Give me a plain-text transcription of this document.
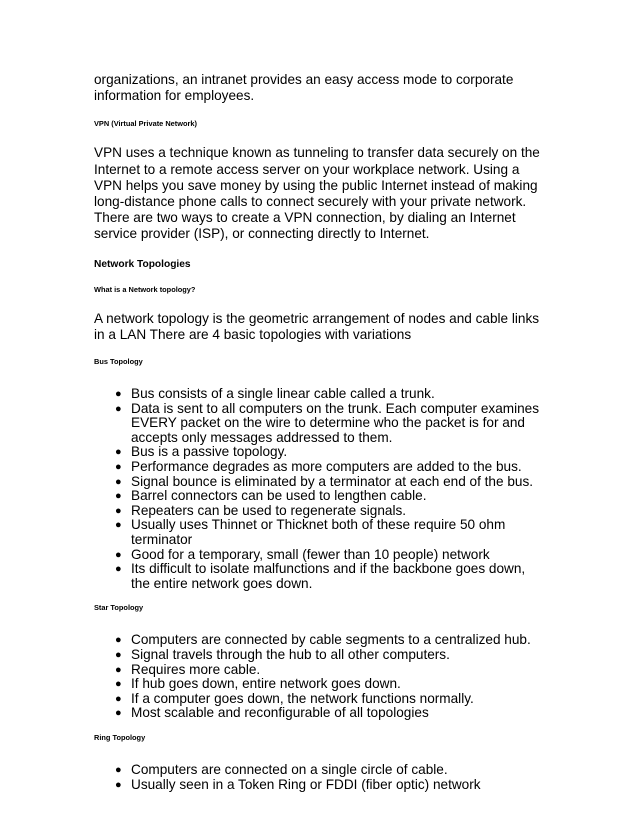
organizations, an intranet provides an easy access mode to corporate information for employees.

VPN (Virtual Private Network)

VPN uses a technique known as tunneling to transfer data securely on the Internet to a remote access server on your workplace network. Using a VPN helps you save money by using the public Internet instead of making long-distance phone calls to connect securely with your private network. There are two ways to create a VPN connection, by dialing an Internet service provider (ISP), or connecting directly to Internet.

Network Topologies

What is a Network topology?

A network topology is the geometric arrangement of nodes and cable links in a LAN There are 4 basic topologies with variations

Bus Topology

● Bus consists of a single linear cable called a trunk.
● Data is sent to all computers on the trunk. Each computer examines EVERY packet on the wire to determine who the packet is for and accepts only messages addressed to them.
● Bus is a passive topology.
● Performance degrades as more computers are added to the bus.
● Signal bounce is eliminated by a terminator at each end of the bus.
● Barrel connectors can be used to lengthen cable.
● Repeaters can be used to regenerate signals.
● Usually uses Thinnet or Thicknet both of these require 50 ohm terminator
● Good for a temporary, small (fewer than 10 people) network
● Its difficult to isolate malfunctions and if the backbone goes down, the entire network goes down.

Star Topology

● Computers are connected by cable segments to a centralized hub.
● Signal travels through the hub to all other computers.
● Requires more cable.
● If hub goes down, entire network goes down.
● If a computer goes down, the network functions normally.
● Most scalable and reconfigurable of all topologies

Ring Topology

● Computers are connected on a single circle of cable.
● Usually seen in a Token Ring or FDDI (fiber optic) network
